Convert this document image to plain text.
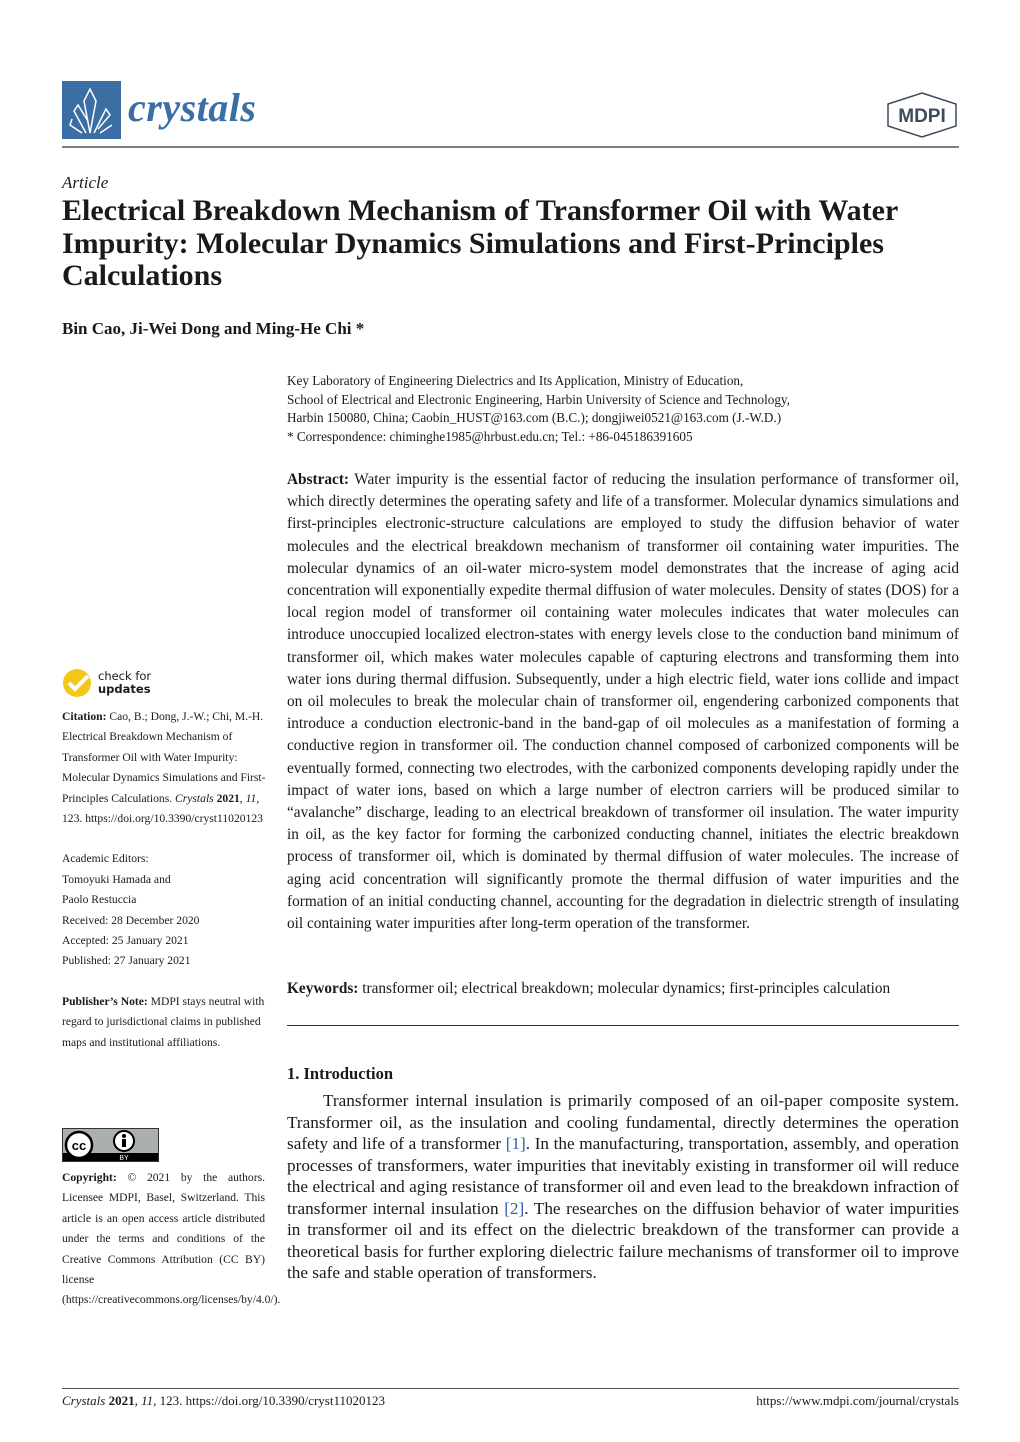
crystals	MDPI
Article
Electrical Breakdown Mechanism of Transformer Oil with Water Impurity: Molecular Dynamics Simulations and First-Principles Calculations
Bin Cao, Ji-Wei Dong and Ming-He Chi *
Key Laboratory of Engineering Dielectrics and Its Application, Ministry of Education,
School of Electrical and Electronic Engineering, Harbin University of Science and Technology,
Harbin 150080, China; Caobin_HUST@163.com (B.C.); dongjiwei0521@163.com (J.-W.D.)
* Correspondence: chiminghe1985@hrbust.edu.cn; Tel.: +86-045186391605
Abstract: Water impurity is the essential factor of reducing the insulation performance of transformer oil, which directly determines the operating safety and life of a transformer. Molecular dynamics simulations and first-principles electronic-structure calculations are employed to study the diffusion behavior of water molecules and the electrical breakdown mechanism of transformer oil containing water impurities. The molecular dynamics of an oil-water micro-system model demonstrates that the increase of aging acid concentration will exponentially expedite thermal diffusion of water molecules. Density of states (DOS) for a local region model of transformer oil containing water molecules indicates that water molecules can introduce unoccupied localized electron-states with energy levels close to the conduction band minimum of transformer oil, which makes water molecules capable of capturing electrons and transforming them into water ions during thermal diffusion. Subsequently, under a high electric field, water ions collide and impact on oil molecules to break the molecular chain of transformer oil, engendering carbonized components that introduce a conduction electronic-band in the band-gap of oil molecules as a manifestation of forming a conductive region in transformer oil. The conduction channel composed of carbonized components will be eventually formed, connecting two electrodes, with the carbonized components developing rapidly under the impact of water ions, based on which a large number of electron carriers will be produced similar to “avalanche” discharge, leading to an electrical breakdown of transformer oil insulation. The water impurity in oil, as the key factor for forming the carbonized conducting channel, initiates the electric breakdown process of transformer oil, which is dominated by thermal diffusion of water molecules. The increase of aging acid concentration will significantly promote the thermal diffusion of water impurities and the formation of an initial conducting channel, accounting for the degradation in dielectric strength of insulating oil containing water impurities after long-term operation of the transformer.
Keywords: transformer oil; electrical breakdown; molecular dynamics; first-principles calculation
1. Introduction
Transformer internal insulation is primarily composed of an oil-paper composite system. Transformer oil, as the insulation and cooling fundamental, directly determines the operation safety and life of a transformer [1]. In the manufacturing, transportation, assembly, and operation processes of transformers, water impurities that inevitably existing in transformer oil will reduce the electrical and aging resistance of transformer oil and even lead to the breakdown infraction of transformer internal insulation [2]. The researches on the diffusion behavior of water impurities in transformer oil and its effect on the dielectric breakdown of the transformer can provide a theoretical basis for further exploring dielectric failure mechanisms of transformer oil to improve the safe and stable operation of transformers.
check for
updates

Citation: Cao, B.; Dong, J.-W.; Chi, M.-H. Electrical Breakdown Mechanism of Transformer Oil with Water Impurity: Molecular Dynamics Simulations and First-Principles Calculations. Crystals 2021, 11, 123. https://doi.org/10.3390/cryst11020123

Academic Editors:
Tomoyuki Hamada and
Paolo Restuccia
Received: 28 December 2020
Accepted: 25 January 2021
Published: 27 January 2021

Publisher’s Note: MDPI stays neutral with regard to jurisdictional claims in published maps and institutional affiliations.

cc
BY
Copyright: © 2021 by the authors. Licensee MDPI, Basel, Switzerland. This article is an open access article distributed under the terms and conditions of the Creative Commons Attribution (CC BY) license (https://creativecommons.org/licenses/by/4.0/).
Crystals 2021, 11, 123. https://doi.org/10.3390/cryst11020123	https://www.mdpi.com/journal/crystals
